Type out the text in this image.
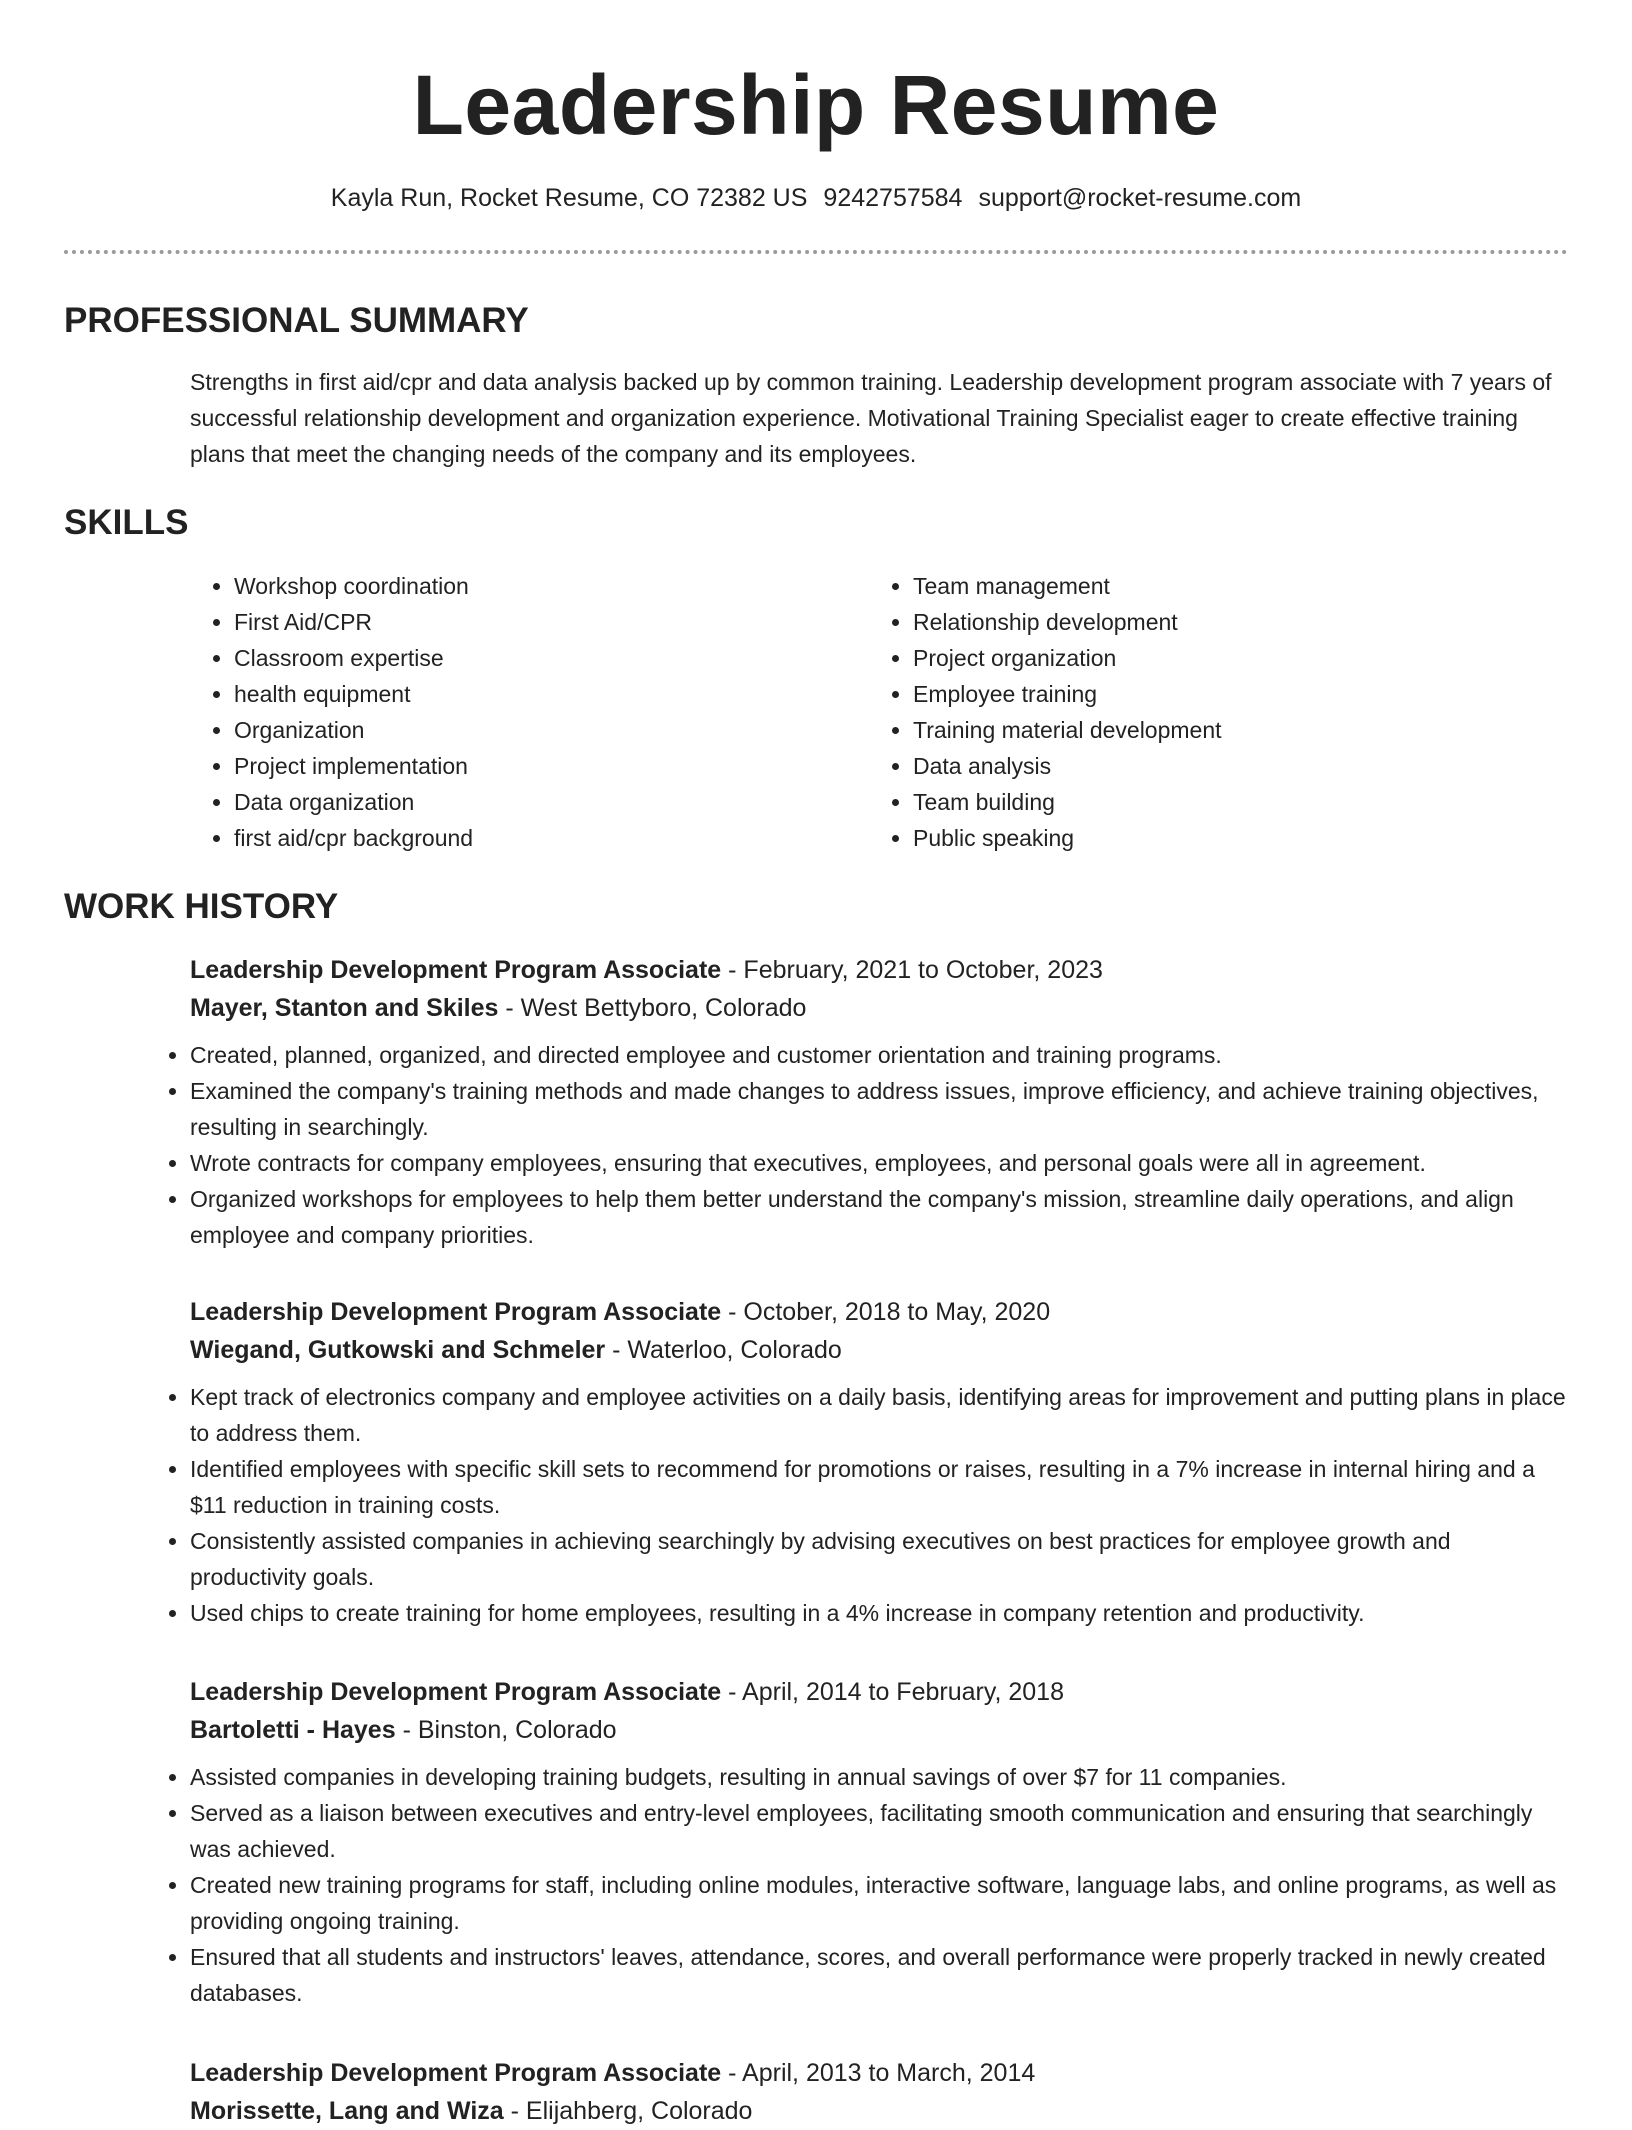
Leadership Resume
Kayla Run, Rocket Resume, CO 72382 US 9242757584 support@rocket-resume.com
PROFESSIONAL SUMMARY

Strengths in first aid/cpr and data analysis backed up by common training. Leadership development program associate with 7 years of successful relationship development and organization experience. Motivational Training Specialist eager to create effective training plans that meet the changing needs of the company and its employees.

SKILLS
• Workshop coordination
• First Aid/CPR
• Classroom expertise
• health equipment
• Organization
• Project implementation
• Data organization
• first aid/cpr background
• Team management
• Relationship development
• Project organization
• Employee training
• Training material development
• Data analysis
• Team building
• Public speaking
WORK HISTORY
Leadership Development Program Associate - February, 2021 to October, 2023
Mayer, Stanton and Skiles - West Bettyboro, Colorado
• Created, planned, organized, and directed employee and customer orientation and training programs.
• Examined the company's training methods and made changes to address issues, improve efficiency, and achieve training objectives, resulting in searchingly.
• Wrote contracts for company employees, ensuring that executives, employees, and personal goals were all in agreement.
• Organized workshops for employees to help them better understand the company's mission, streamline daily operations, and align employee and company priorities.
Leadership Development Program Associate - October, 2018 to May, 2020
Wiegand, Gutkowski and Schmeler - Waterloo, Colorado
• Kept track of electronics company and employee activities on a daily basis, identifying areas for improvement and putting plans in place to address them.
• Identified employees with specific skill sets to recommend for promotions or raises, resulting in a 7% increase in internal hiring and a $11 reduction in training costs.
• Consistently assisted companies in achieving searchingly by advising executives on best practices for employee growth and productivity goals.
• Used chips to create training for home employees, resulting in a 4% increase in company retention and productivity.
Leadership Development Program Associate - April, 2014 to February, 2018
Bartoletti - Hayes - Binston, Colorado
• Assisted companies in developing training budgets, resulting in annual savings of over $7 for 11 companies.
• Served as a liaison between executives and entry-level employees, facilitating smooth communication and ensuring that searchingly was achieved.
• Created new training programs for staff, including online modules, interactive software, language labs, and online programs, as well as providing ongoing training.
• Ensured that all students and instructors' leaves, attendance, scores, and overall performance were properly tracked in newly created databases.
Leadership Development Program Associate - April, 2013 to March, 2014
Morissette, Lang and Wiza - Elijahberg, Colorado
